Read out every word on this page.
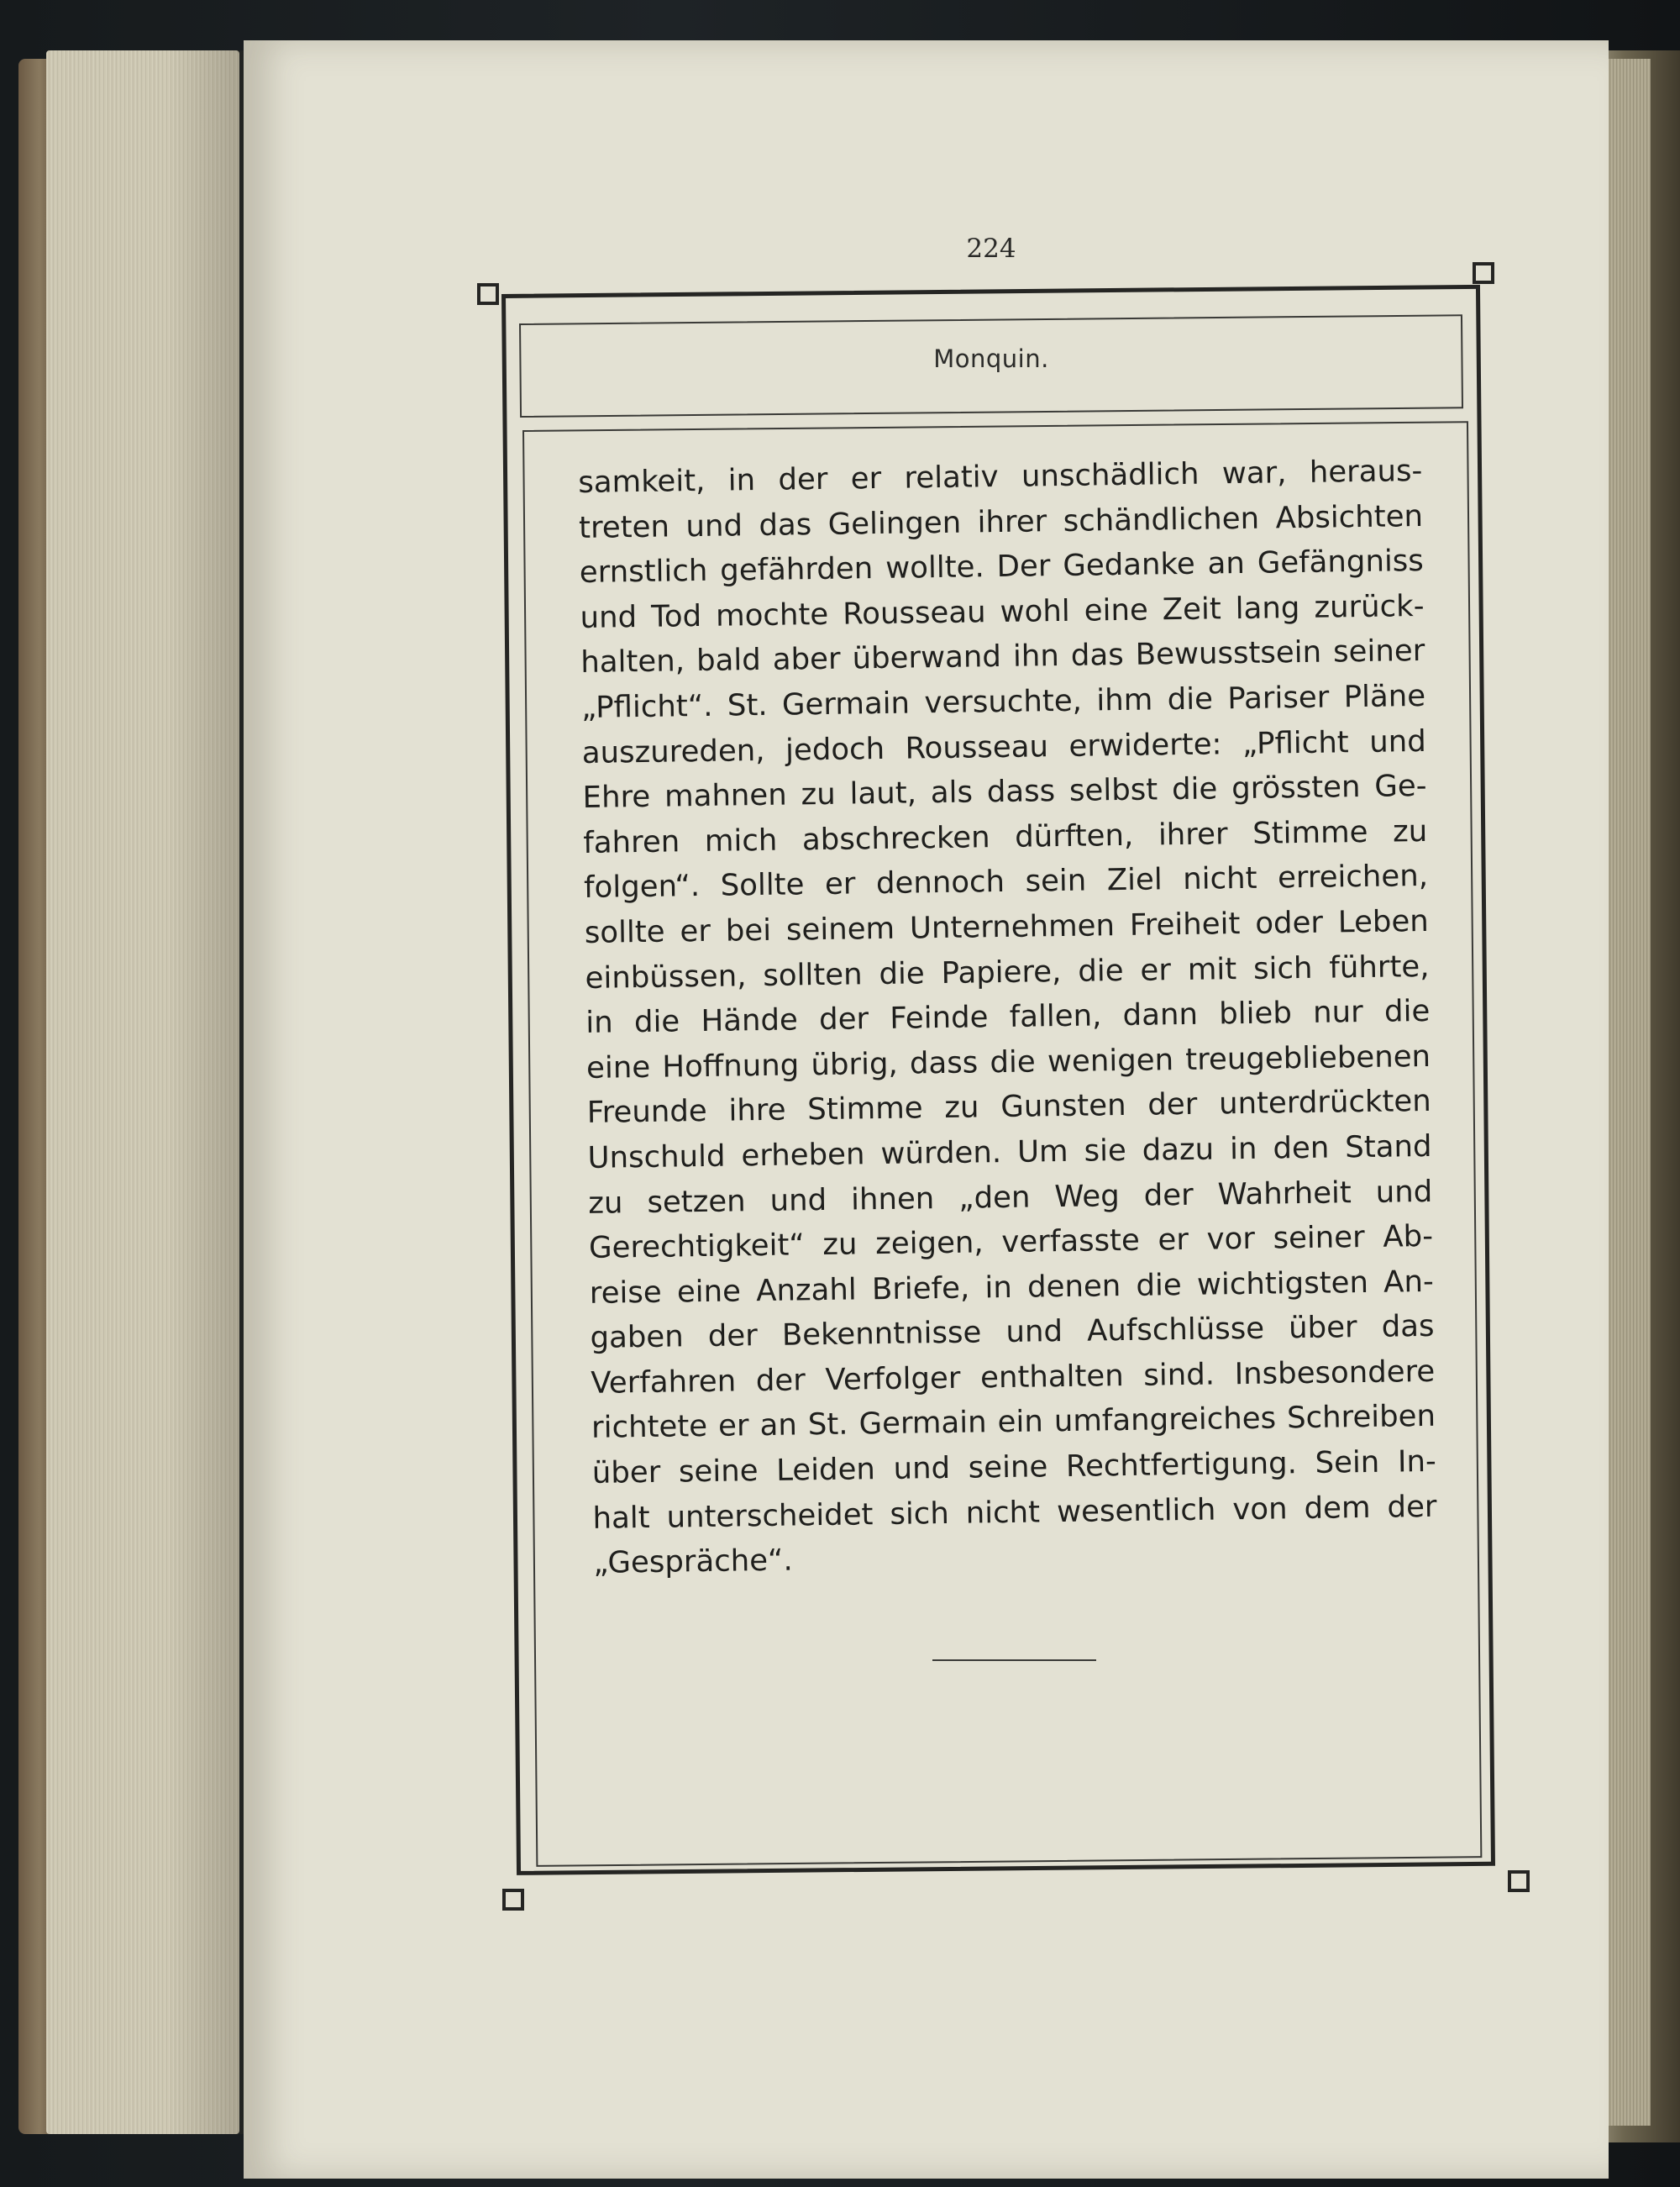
224
Monquin.
samkeit, in der er relativ unschädlich war, heraus-
treten und das Gelingen ihrer schändlichen Absichten
ernstlich gefährden wollte. Der Gedanke an Gefängniss
und Tod mochte Rousseau wohl eine Zeit lang zurück-
halten, bald aber überwand ihn das Bewusstsein seiner
„Pflicht“. St. Germain versuchte, ihm die Pariser Pläne
auszureden, jedoch Rousseau erwiderte: „Pflicht und
Ehre mahnen zu laut, als dass selbst die grössten Ge-
fahren mich abschrecken dürften, ihrer Stimme zu
folgen“. Sollte er dennoch sein Ziel nicht erreichen,
sollte er bei seinem Unternehmen Freiheit oder Leben
einbüssen, sollten die Papiere, die er mit sich führte,
in die Hände der Feinde fallen, dann blieb nur die
eine Hoffnung übrig, dass die wenigen treugebliebenen
Freunde ihre Stimme zu Gunsten der unterdrückten
Unschuld erheben würden. Um sie dazu in den Stand
zu setzen und ihnen „den Weg der Wahrheit und
Gerechtigkeit“ zu zeigen, verfasste er vor seiner Ab-
reise eine Anzahl Briefe, in denen die wichtigsten An-
gaben der Bekenntnisse und Aufschlüsse über das
Verfahren der Verfolger enthalten sind. Insbesondere
richtete er an St. Germain ein umfangreiches Schreiben
über seine Leiden und seine Rechtfertigung. Sein In-
halt unterscheidet sich nicht wesentlich von dem der
„Gespräche“.
